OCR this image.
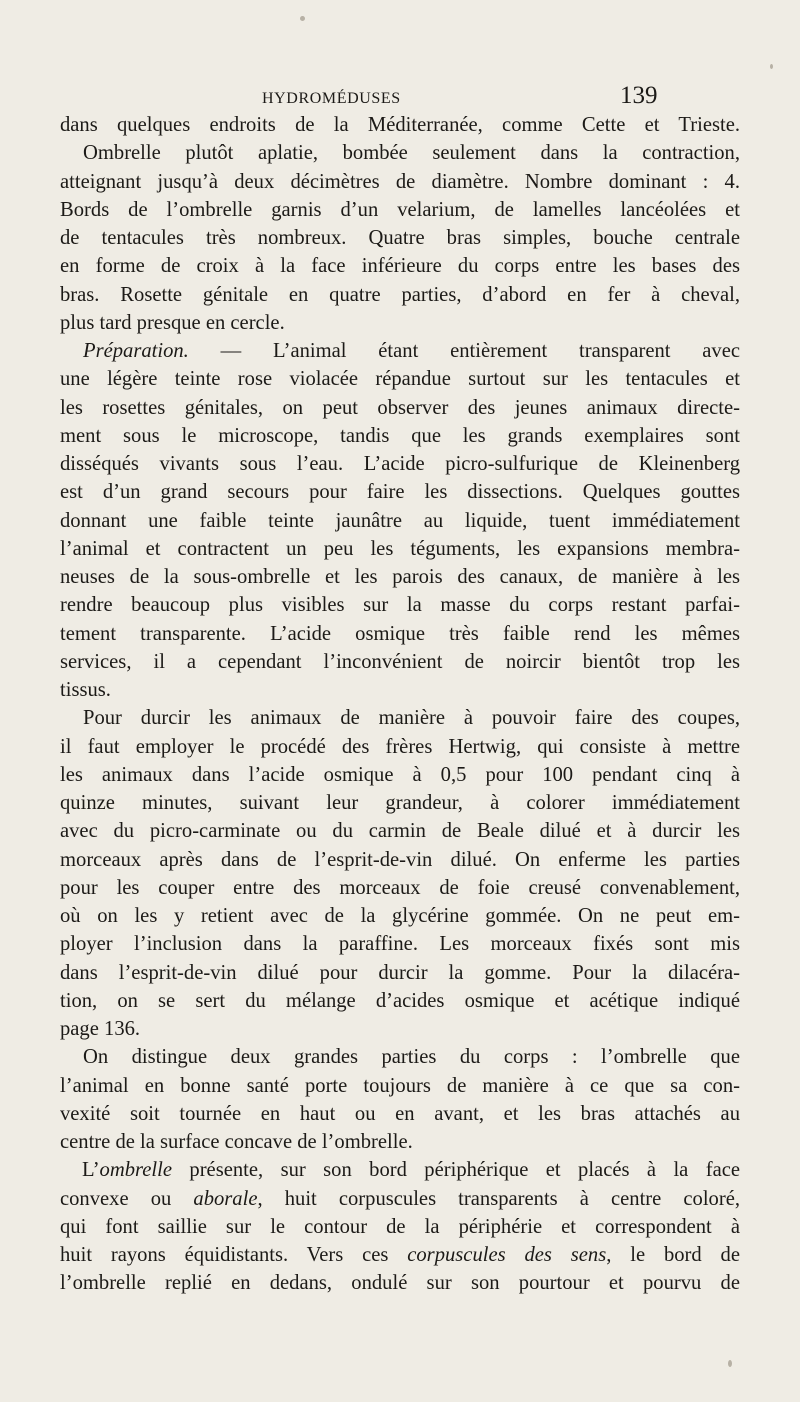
HYDROMÉDUSES	139
dans quelques endroits de la Méditerranée, comme Cette et Trieste.
Ombrelle plutôt aplatie, bombée seulement dans la contraction,
atteignant jusqu’à deux décimètres de diamètre. Nombre dominant : 4.
Bords de l’ombrelle garnis d’un velarium, de lamelles lancéolées et
de tentacules très nombreux. Quatre bras simples, bouche centrale
en forme de croix à la face inférieure du corps entre les bases des
bras. Rosette génitale en quatre parties, d’abord en fer à cheval,
plus tard presque en cercle.
Préparation. — L’animal étant entièrement transparent avec
une légère teinte rose violacée répandue surtout sur les tentacules et
les rosettes génitales, on peut observer des jeunes animaux directe-
ment sous le microscope, tandis que les grands exemplaires sont
disséqués vivants sous l’eau. L’acide picro-sulfurique de Kleinenberg
est d’un grand secours pour faire les dissections. Quelques gouttes
donnant une faible teinte jaunâtre au liquide, tuent immédiatement
l’animal et contractent un peu les téguments, les expansions membra-
neuses de la sous-ombrelle et les parois des canaux, de manière à les
rendre beaucoup plus visibles sur la masse du corps restant parfai-
tement transparente. L’acide osmique très faible rend les mêmes
services, il a cependant l’inconvénient de noircir bientôt trop les
tissus.
Pour durcir les animaux de manière à pouvoir faire des coupes,
il faut employer le procédé des frères Hertwig, qui consiste à mettre
les animaux dans l’acide osmique à 0,5 pour 100 pendant cinq à
quinze minutes, suivant leur grandeur, à colorer immédiatement
avec du picro-carminate ou du carmin de Beale dilué et à durcir les
morceaux après dans de l’esprit-de-vin dilué. On enferme les parties
pour les couper entre des morceaux de foie creusé convenablement,
où on les y retient avec de la glycérine gommée. On ne peut em-
ployer l’inclusion dans la paraffine. Les morceaux fixés sont mis
dans l’esprit-de-vin dilué pour durcir la gomme. Pour la dilacéra-
tion, on se sert du mélange d’acides osmique et acétique indiqué
page 136.
On distingue deux grandes parties du corps : l’ombrelle que
l’animal en bonne santé porte toujours de manière à ce que sa con-
vexité soit tournée en haut ou en avant, et les bras attachés au
centre de la surface concave de l’ombrelle.
L’ombrelle présente, sur son bord périphérique et placés à la face
convexe ou aborale, huit corpuscules transparents à centre coloré,
qui font saillie sur le contour de la périphérie et correspondent à
huit rayons équidistants. Vers ces corpuscules des sens, le bord de
l’ombrelle replié en dedans, ondulé sur son pourtour et pourvu de
